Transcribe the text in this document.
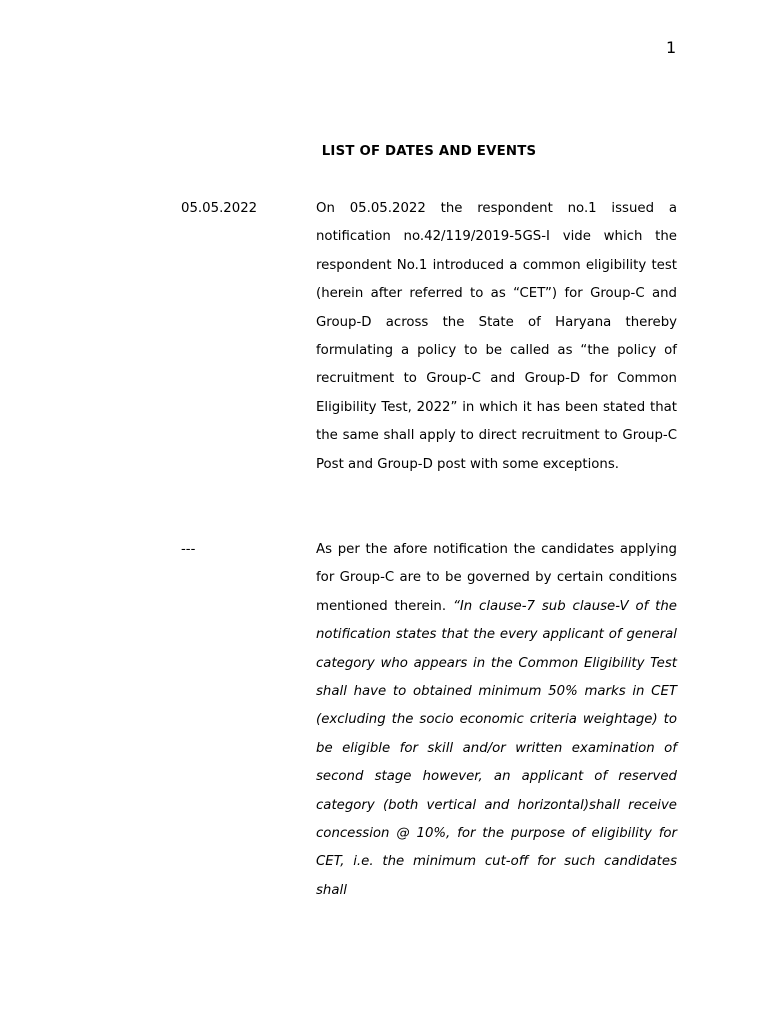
1
LIST OF DATES AND EVENTS
05.05.2022	On 05.05.2022 the respondent no.1 issued a notification no.42/119/2019-5GS-I vide which the respondent No.1 introduced a common eligibility test (herein after referred to as “CET”) for Group-C and Group-D across the State of Haryana thereby formulating a policy to be called as “the policy of recruitment to Group-C and Group-D for Common Eligibility Test, 2022” in which it has been stated that the same shall apply to direct recruitment to Group-C Post and Group-D post with some exceptions.

---	As per the afore notification the candidates applying for Group-C are to be governed by certain conditions mentioned therein. “In clause-7 sub clause-V of the notification states that the every applicant of general category who appears in the Common Eligibility Test shall have to obtained minimum 50% marks in CET (excluding the socio economic criteria weightage) to be eligible for skill and/or written examination of second stage however, an applicant of reserved category (both vertical and horizontal)shall receive concession @ 10%, for the purpose of eligibility for CET, i.e. the minimum cut-off for such candidates shall
